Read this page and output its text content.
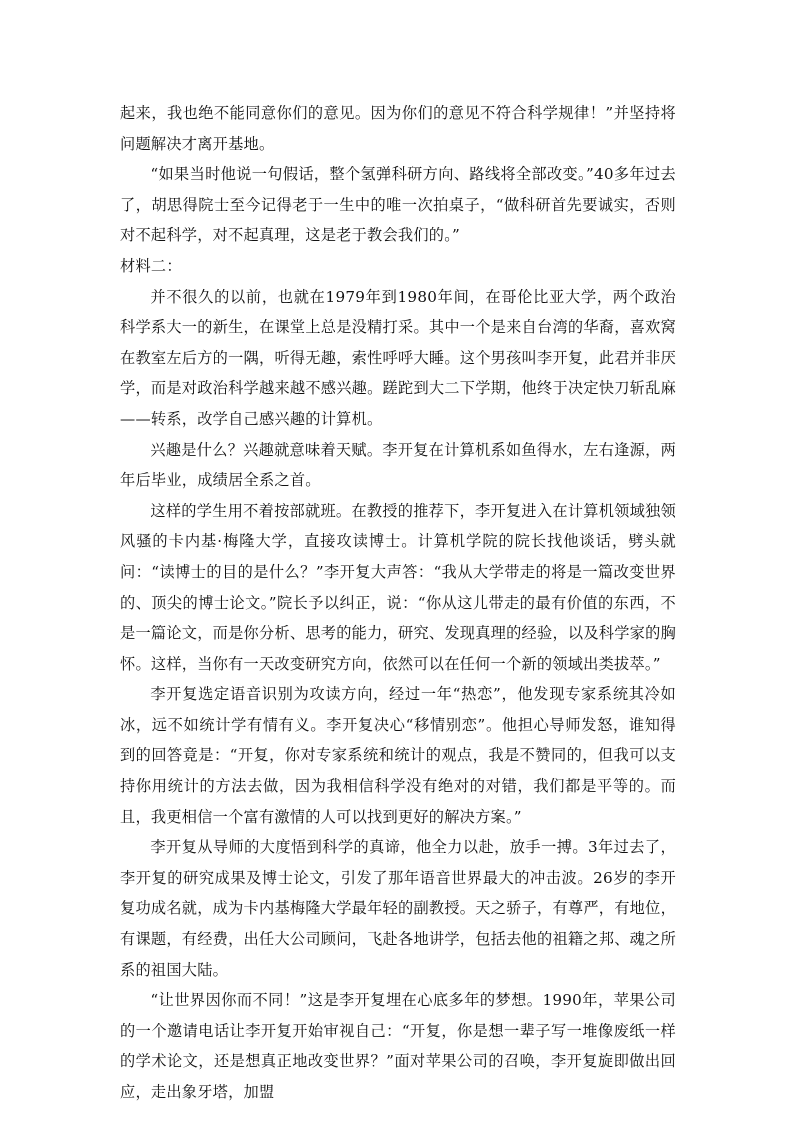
起来，我也绝不能同意你们的意见。因为你们的意见不符合科学规律！”并坚持将问题解决才离开基地。

“如果当时他说一句假话，整个氢弹科研方向、路线将全部改变。”40多年过去了，胡思得院士至今记得老于一生中的唯一次拍桌子，“做科研首先要诚实，否则对不起科学，对不起真理，这是老于教会我们的。”

材料二：

并不很久的以前，也就在1979年到1980年间，在哥伦比亚大学，两个政治科学系大一的新生，在课堂上总是没精打采。其中一个是来自台湾的华裔，喜欢窝在教室左后方的一隅，听得无趣，索性呼呼大睡。这个男孩叫李开复，此君并非厌学，而是对政治科学越来越不感兴趣。蹉跎到大二下学期，他终于决定快刀斩乱麻——转系，改学自己感兴趣的计算机。

兴趣是什么？兴趣就意味着天赋。李开复在计算机系如鱼得水，左右逢源，两年后毕业，成绩居全系之首。

这样的学生用不着按部就班。在教授的推荐下，李开复进入在计算机领域独领风骚的卡内基·梅隆大学，直接攻读博士。计算机学院的院长找他谈话，劈头就问：“读博士的目的是什么？”李开复大声答：“我从大学带走的将是一篇改变世界的、顶尖的博士论文。”院长予以纠正，说：“你从这儿带走的最有价值的东西，不是一篇论文，而是你分析、思考的能力，研究、发现真理的经验，以及科学家的胸怀。这样，当你有一天改变研究方向，依然可以在任何一个新的领域出类拔萃。”

李开复选定语音识别为攻读方向，经过一年“热恋”，他发现专家系统其冷如冰，远不如统计学有情有义。李开复决心“移情别恋”。他担心导师发怒，谁知得到的回答竟是：“开复，你对专家系统和统计的观点，我是不赞同的，但我可以支持你用统计的方法去做，因为我相信科学没有绝对的对错，我们都是平等的。而且，我更相信一个富有激情的人可以找到更好的解决方案。”

李开复从导师的大度悟到科学的真谛，他全力以赴，放手一搏。3年过去了，李开复的研究成果及博士论文，引发了那年语音世界最大的冲击波。26岁的李开复功成名就，成为卡内基梅隆大学最年轻的副教授。天之骄子，有尊严，有地位，有课题，有经费，出任大公司顾问，飞赴各地讲学，包括去他的祖籍之邦、魂之所系的祖国大陆。

“让世界因你而不同！”这是李开复埋在心底多年的梦想。1990年，苹果公司的一个邀请电话让李开复开始审视自己：“开复，你是想一辈子写一堆像废纸一样的学术论文，还是想真正地改变世界？”面对苹果公司的召唤，李开复旋即做出回应，走出象牙塔，加盟
